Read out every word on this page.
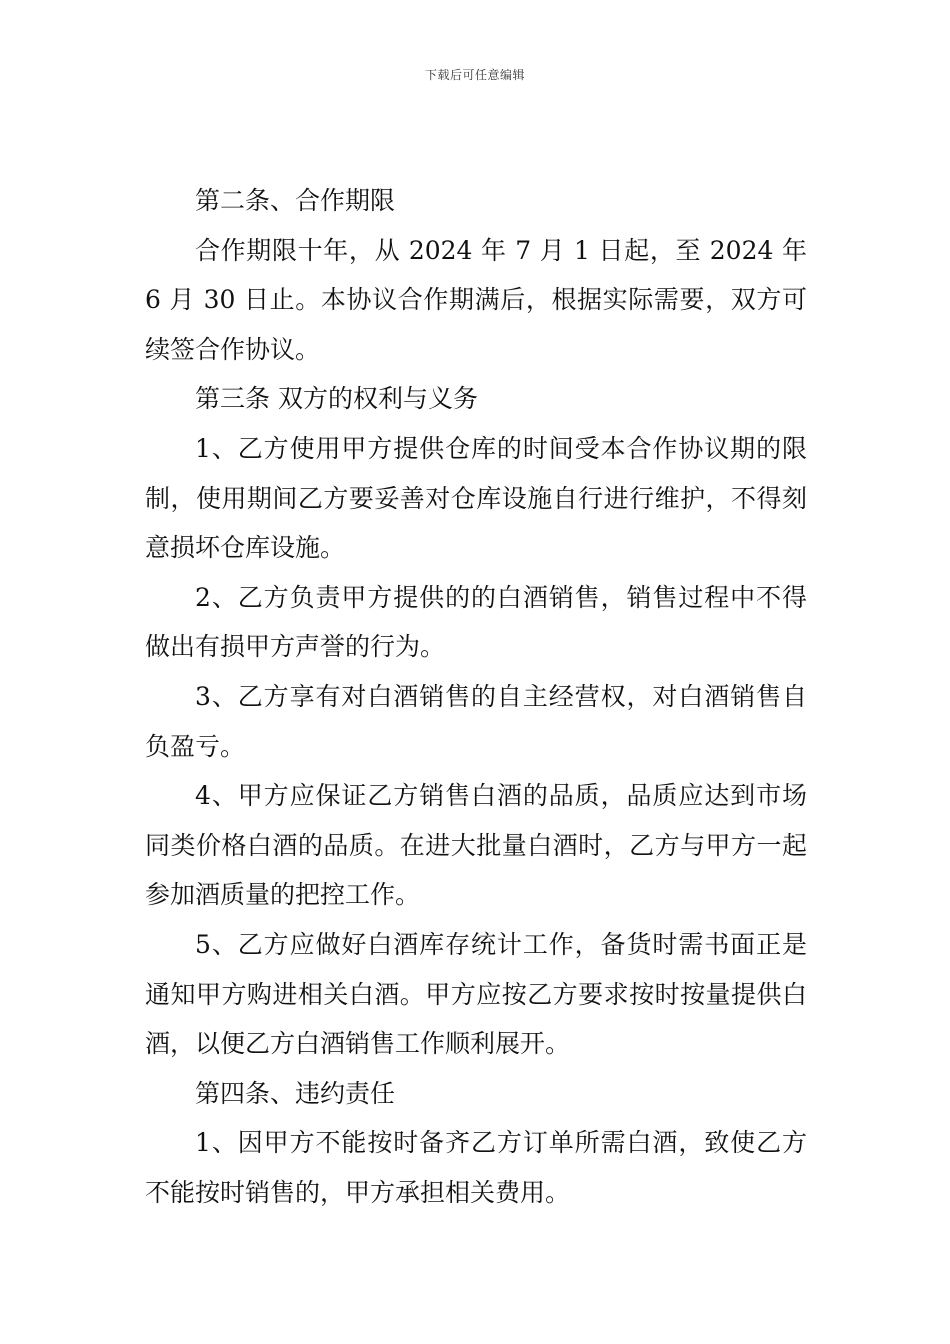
下载后可任意编辑

第二条、合作期限

合作期限十年，从 2024 年 7 月 1 日起，至 2024 年 6 月 30 日止。本协议合作期满后，根据实际需要，双方可续签合作协议。

第三条 双方的权利与义务

1、乙方使用甲方提供仓库的时间受本合作协议期的限制，使用期间乙方要妥善对仓库设施自行进行维护，不得刻意损坏仓库设施。

2、乙方负责甲方提供的的白酒销售，销售过程中不得做出有损甲方声誉的行为。

3、乙方享有对白酒销售的自主经营权，对白酒销售自负盈亏。

4、甲方应保证乙方销售白酒的品质，品质应达到市场同类价格白酒的品质。在进大批量白酒时，乙方与甲方一起参加酒质量的把控工作。

5、乙方应做好白酒库存统计工作，备货时需书面正是通知甲方购进相关白酒。甲方应按乙方要求按时按量提供白酒，以便乙方白酒销售工作顺利展开。

第四条、违约责任

1、因甲方不能按时备齐乙方订单所需白酒，致使乙方不能按时销售的，甲方承担相关费用。
